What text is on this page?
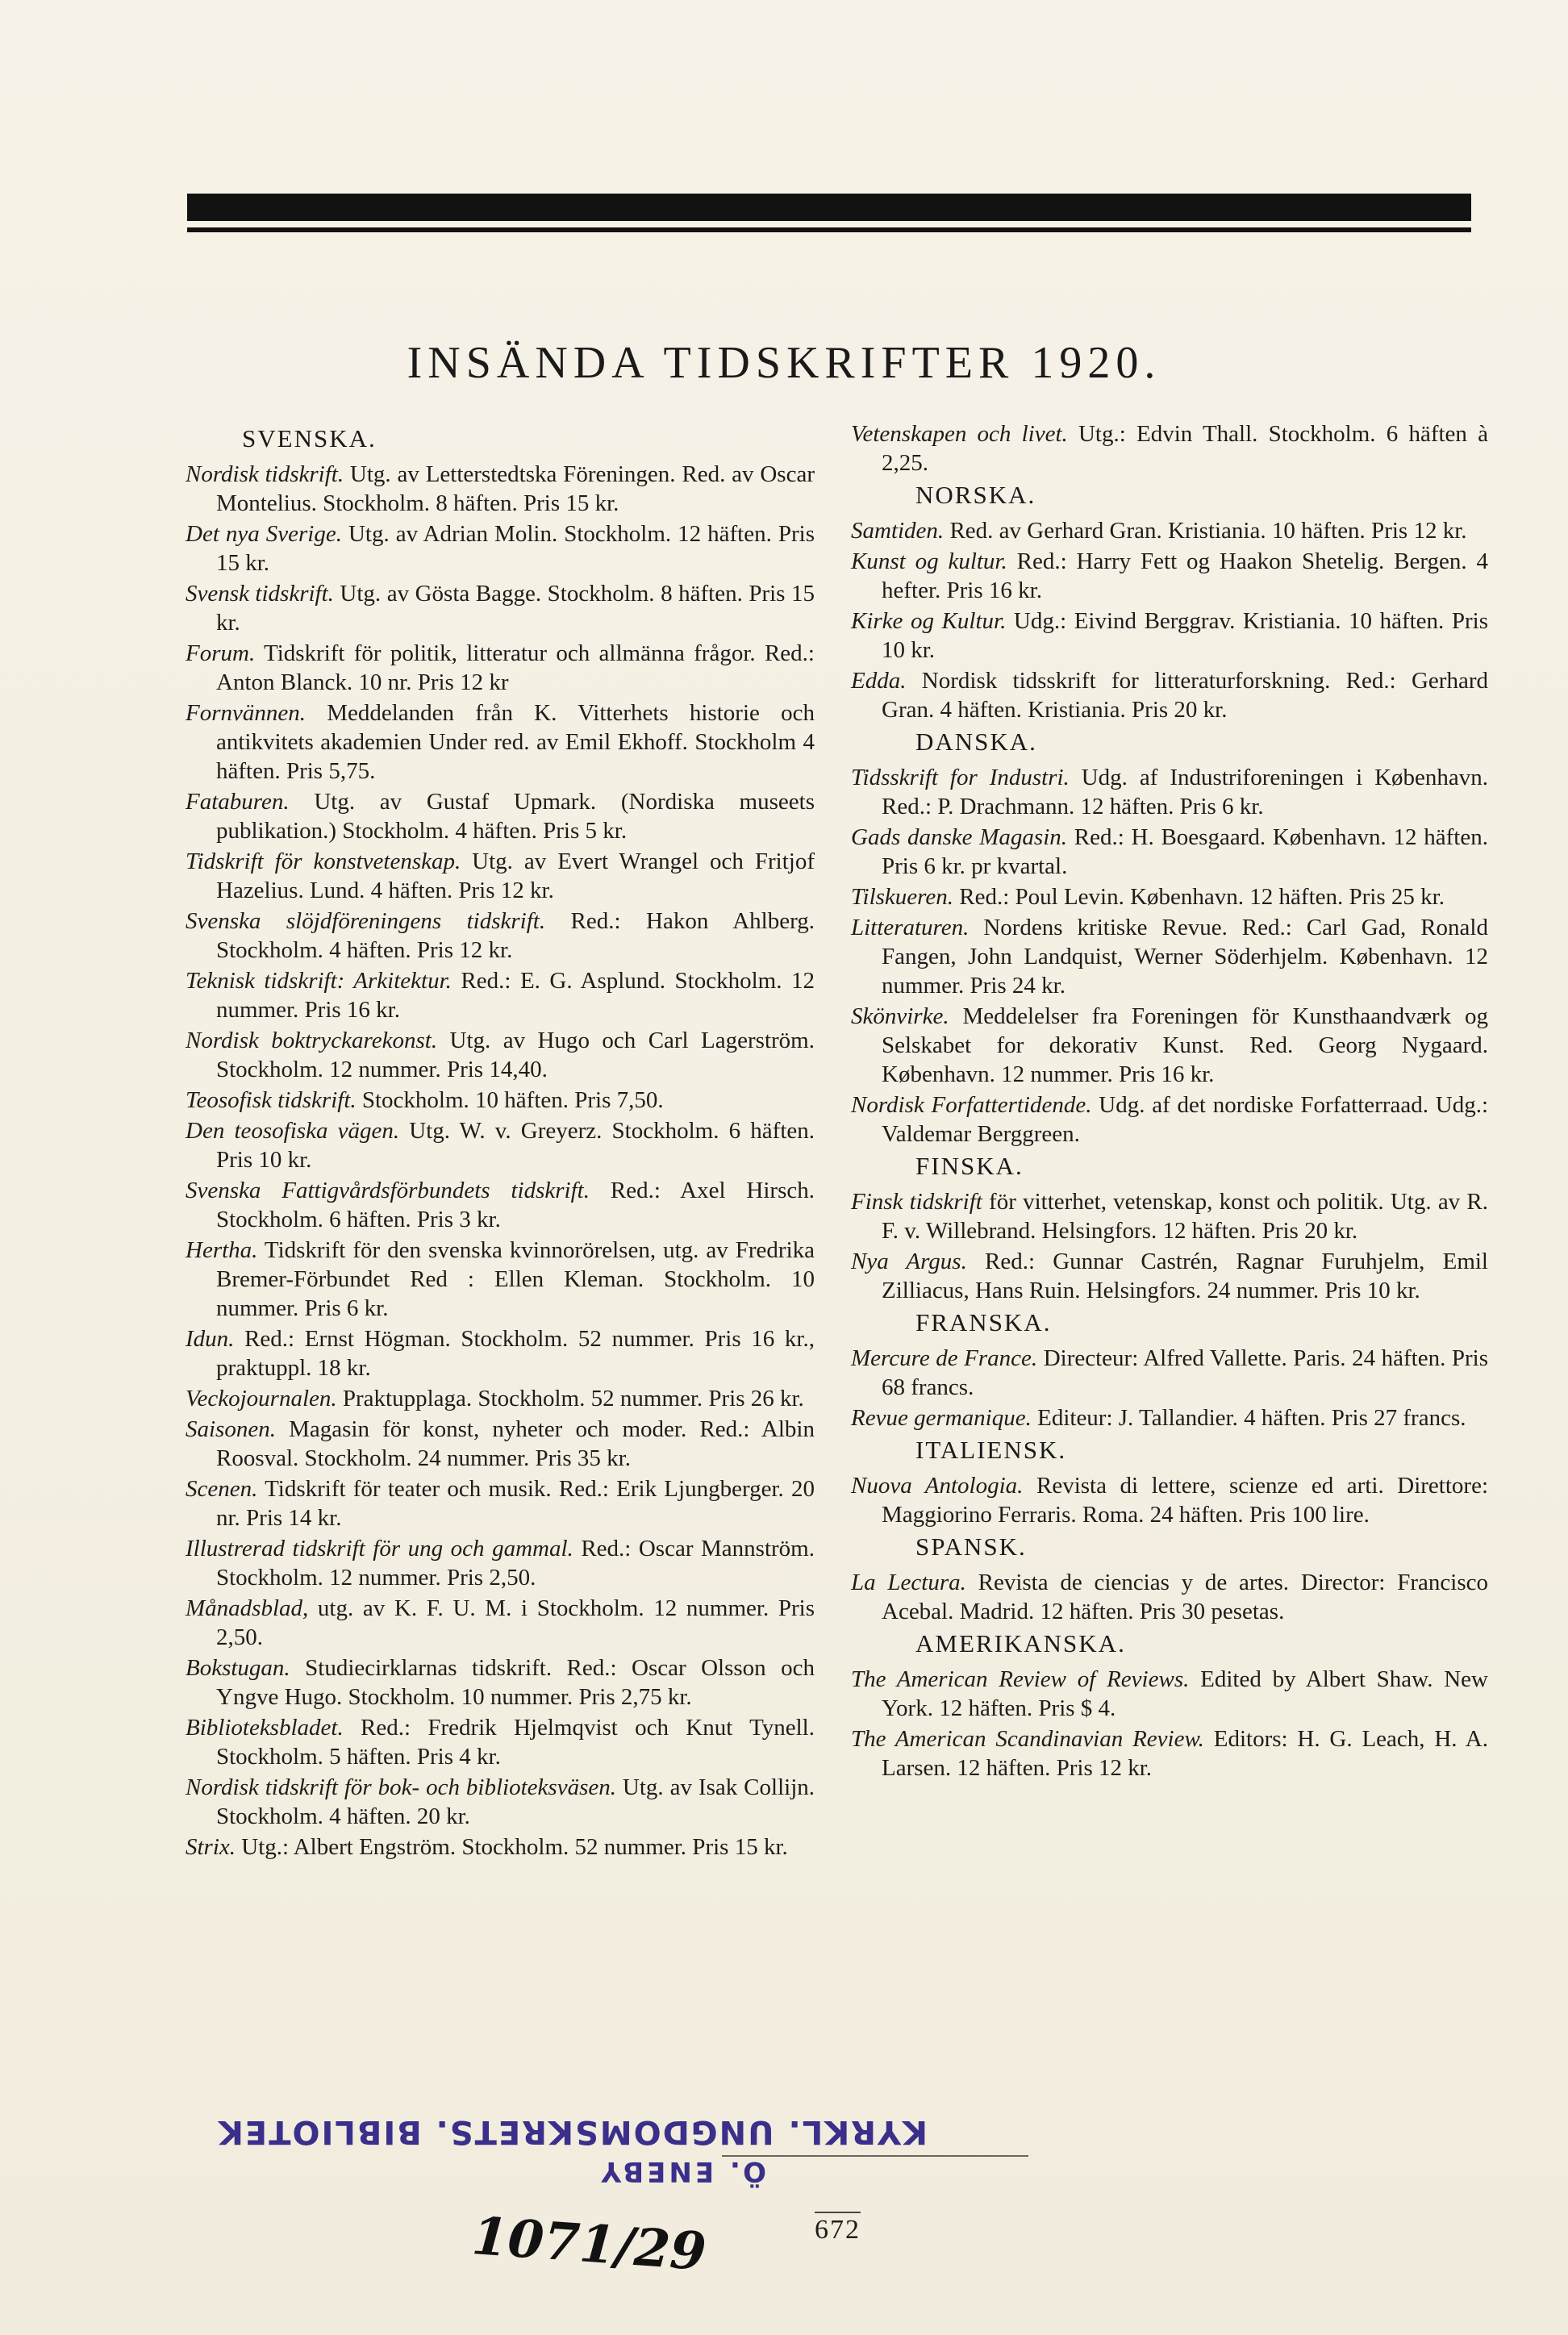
INSÄNDA TIDSKRIFTER 1920.
SVENSKA.
Nordisk tidskrift. Utg. av Letterstedtska Föreningen. Red. av Oscar Montelius. Stockholm. 8 häften. Pris 15 kr.
Det nya Sverige. Utg. av Adrian Molin. Stockholm. 12 häften. Pris 15 kr.
Svensk tidskrift. Utg. av Gösta Bagge. Stockholm. 8 häften. Pris 15 kr.
Forum. Tidskrift för politik, litteratur och allmänna frågor. Red.: Anton Blanck. 10 nr. Pris 12 kr
Fornvännen. Meddelanden från K. Vitterhets historie och antikvitets akademien Under red. av Emil Ekhoff. Stockholm 4 häften. Pris 5,75.
Fataburen. Utg. av Gustaf Upmark. (Nordiska museets publikation.) Stockholm. 4 häften. Pris 5 kr.
Tidskrift för konstvetenskap. Utg. av Evert Wrangel och Fritjof Hazelius. Lund. 4 häften. Pris 12 kr.
Svenska slöjdföreningens tidskrift. Red.: Hakon Ahlberg. Stockholm. 4 häften. Pris 12 kr.
Teknisk tidskrift: Arkitektur. Red.: E. G. Asplund. Stockholm. 12 nummer. Pris 16 kr.
Nordisk boktryckarekonst. Utg. av Hugo och Carl Lagerström. Stockholm. 12 nummer. Pris 14,40.
Teosofisk tidskrift. Stockholm. 10 häften. Pris 7,50.
Den teosofiska vägen. Utg. W. v. Greyerz. Stockholm. 6 häften. Pris 10 kr.
Svenska Fattigvårdsförbundets tidskrift. Red.: Axel Hirsch. Stockholm. 6 häften. Pris 3 kr.
Hertha. Tidskrift för den svenska kvinnorörelsen, utg. av Fredrika Bremer-Förbundet Red : Ellen Kleman. Stockholm. 10 nummer. Pris 6 kr.
Idun. Red.: Ernst Högman. Stockholm. 52 nummer. Pris 16 kr., praktuppl. 18 kr.
Veckojournalen. Praktupplaga. Stockholm. 52 nummer. Pris 26 kr.
Saisonen. Magasin för konst, nyheter och moder. Red.: Albin Roosval. Stockholm. 24 nummer. Pris 35 kr.
Scenen. Tidskrift för teater och musik. Red.: Erik Ljungberger. 20 nr. Pris 14 kr.
Illustrerad tidskrift för ung och gammal. Red.: Oscar Mannström. Stockholm. 12 nummer. Pris 2,50.
Månadsblad, utg. av K. F. U. M. i Stockholm. 12 nummer. Pris 2,50.
Bokstugan. Studiecirklarnas tidskrift. Red.: Oscar Olsson och Yngve Hugo. Stockholm. 10 nummer. Pris 2,75 kr.
Biblioteksbladet. Red.: Fredrik Hjelmqvist och Knut Tynell. Stockholm. 5 häften. Pris 4 kr.
Nordisk tidskrift för bok- och biblioteksväsen. Utg. av Isak Collijn. Stockholm. 4 häften. 20 kr.
Strix. Utg.: Albert Engström. Stockholm. 52 nummer. Pris 15 kr.
Vetenskapen och livet. Utg.: Edvin Thall. Stockholm. 6 häften à 2,25.
NORSKA.
Samtiden. Red. av Gerhard Gran. Kristiania. 10 häften. Pris 12 kr.
Kunst og kultur. Red.: Harry Fett og Haakon Shetelig. Bergen. 4 hefter. Pris 16 kr.
Kirke og Kultur. Udg.: Eivind Berggrav. Kristiania. 10 häften. Pris 10 kr.
Edda. Nordisk tidsskrift for litteraturforskning. Red.: Gerhard Gran. 4 häften. Kristiania. Pris 20 kr.
DANSKA.
Tidsskrift for Industri. Udg. af Industriforeningen i København. Red.: P. Drachmann. 12 häften. Pris 6 kr.
Gads danske Magasin. Red.: H. Boesgaard. København. 12 häften. Pris 6 kr. pr kvartal.
Tilskueren. Red.: Poul Levin. København. 12 häften. Pris 25 kr.
Litteraturen. Nordens kritiske Revue. Red.: Carl Gad, Ronald Fangen, John Landquist, Werner Söderhjelm. København. 12 nummer. Pris 24 kr.
Skönvirke. Meddelelser fra Foreningen för Kunsthaandværk og Selskabet for dekorativ Kunst. Red. Georg Nygaard. København. 12 nummer. Pris 16 kr.
Nordisk Forfattertidende. Udg. af det nordiske Forfatterraad. Udg.: Valdemar Berggreen.
FINSKA.
Finsk tidskrift för vitterhet, vetenskap, konst och politik. Utg. av R. F. v. Willebrand. Helsingfors. 12 häften. Pris 20 kr.
Nya Argus. Red.: Gunnar Castrén, Ragnar Furuhjelm, Emil Zilliacus, Hans Ruin. Helsingfors. 24 nummer. Pris 10 kr.
FRANSKA.
Mercure de France. Directeur: Alfred Vallette. Paris. 24 häften. Pris 68 francs.
Revue germanique. Editeur: J. Tallandier. 4 häften. Pris 27 francs.
ITALIENSK.
Nuova Antologia. Revista di lettere, scienze ed arti. Direttore: Maggiorino Ferraris. Roma. 24 häften. Pris 100 lire.
SPANSK.
La Lectura. Revista de ciencias y de artes. Director: Francisco Acebal. Madrid. 12 häften. Pris 30 pesetas.
AMERIKANSKA.
The American Review of Reviews. Edited by Albert Shaw. New York. 12 häften. Pris $ 4.
The American Scandinavian Review. Editors: H. G. Leach, H. A. Larsen. 12 häften. Pris 12 kr.
KYRKL. UNGDOMSKRETS. BIBLIOTEK
Ö. ENEBY
1071/29	672
